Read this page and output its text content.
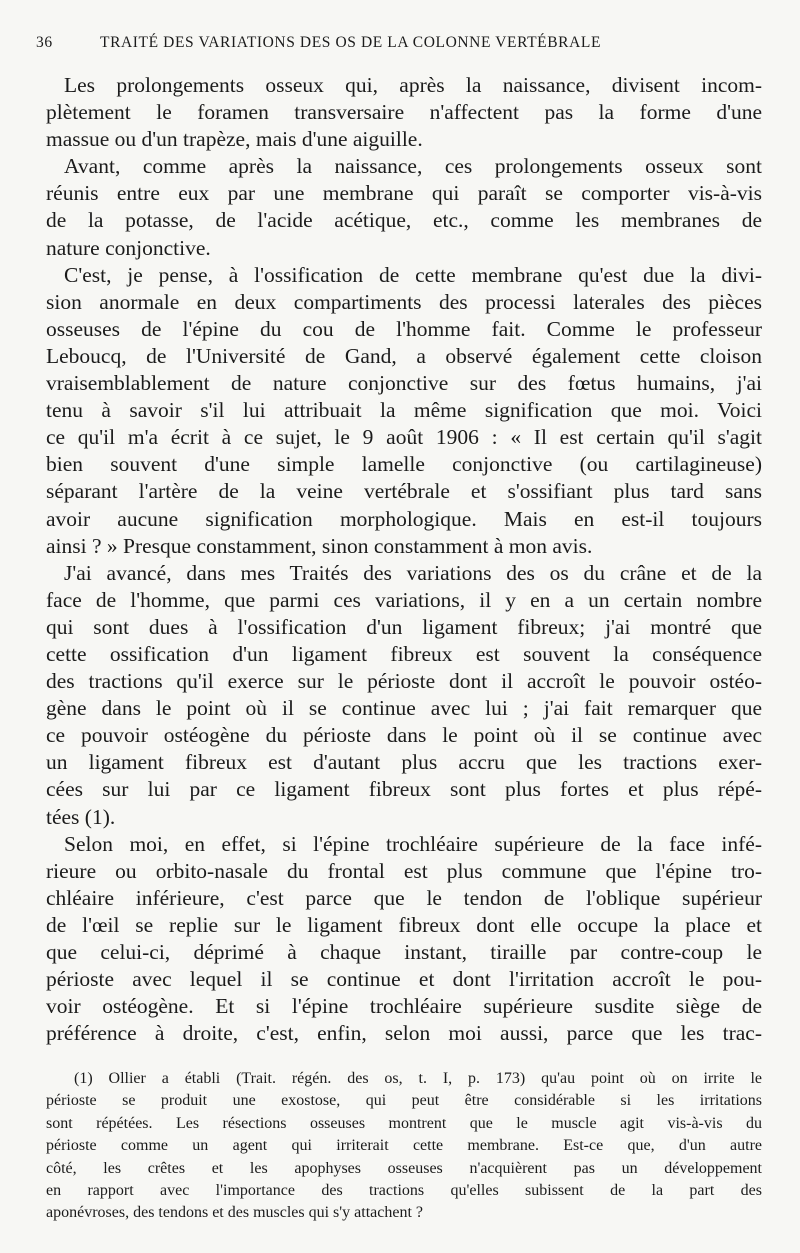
36	TRAITÉ DES VARIATIONS DES OS DE LA COLONNE VERTÉBRALE
Les prolongements osseux qui, après la naissance, divisent incom-
plètement le foramen transversaire n'affectent pas la forme d'une
massue ou d'un trapèze, mais d'une aiguille.
Avant, comme après la naissance, ces prolongements osseux sont
réunis entre eux par une membrane qui paraît se comporter vis-à-vis
de la potasse, de l'acide acétique, etc., comme les membranes de
nature conjonctive.
C'est, je pense, à l'ossification de cette membrane qu'est due la divi-
sion anormale en deux compartiments des processi laterales des pièces
osseuses de l'épine du cou de l'homme fait. Comme le professeur
Leboucq, de l'Université de Gand, a observé également cette cloison
vraisemblablement de nature conjonctive sur des fœtus humains, j'ai
tenu à savoir s'il lui attribuait la même signification que moi. Voici
ce qu'il m'a écrit à ce sujet, le 9 août 1906 : « Il est certain qu'il s'agit
bien souvent d'une simple lamelle conjonctive (ou cartilagineuse)
séparant l'artère de la veine vertébrale et s'ossifiant plus tard sans
avoir aucune signification morphologique. Mais en est-il toujours
ainsi ? » Presque constamment, sinon constamment à mon avis.
J'ai avancé, dans mes Traités des variations des os du crâne et de la
face de l'homme, que parmi ces variations, il y en a un certain nombre
qui sont dues à l'ossification d'un ligament fibreux; j'ai montré que
cette ossification d'un ligament fibreux est souvent la conséquence
des tractions qu'il exerce sur le périoste dont il accroît le pouvoir ostéo-
gène dans le point où il se continue avec lui ; j'ai fait remarquer que
ce pouvoir ostéogène du périoste dans le point où il se continue avec
un ligament fibreux est d'autant plus accru que les tractions exer-
cées sur lui par ce ligament fibreux sont plus fortes et plus répé-
tées (1).
Selon moi, en effet, si l'épine trochléaire supérieure de la face infé-
rieure ou orbito-nasale du frontal est plus commune que l'épine tro-
chléaire inférieure, c'est parce que le tendon de l'oblique supérieur
de l'œil se replie sur le ligament fibreux dont elle occupe la place et
que celui-ci, déprimé à chaque instant, tiraille par contre-coup le
périoste avec lequel il se continue et dont l'irritation accroît le pou-
voir ostéogène. Et si l'épine trochléaire supérieure susdite siège de
préférence à droite, c'est, enfin, selon moi aussi, parce que les trac-
(1) Ollier a établi (Trait. régén. des os, t. I, p. 173) qu'au point où on irrite le
périoste se produit une exostose, qui peut être considérable si les irritations
sont répétées. Les résections osseuses montrent que le muscle agit vis-à-vis du
périoste comme un agent qui irriterait cette membrane. Est-ce que, d'un autre
côté, les crêtes et les apophyses osseuses n'acquièrent pas un développement
en rapport avec l'importance des tractions qu'elles subissent de la part des
aponévroses, des tendons et des muscles qui s'y attachent ?
